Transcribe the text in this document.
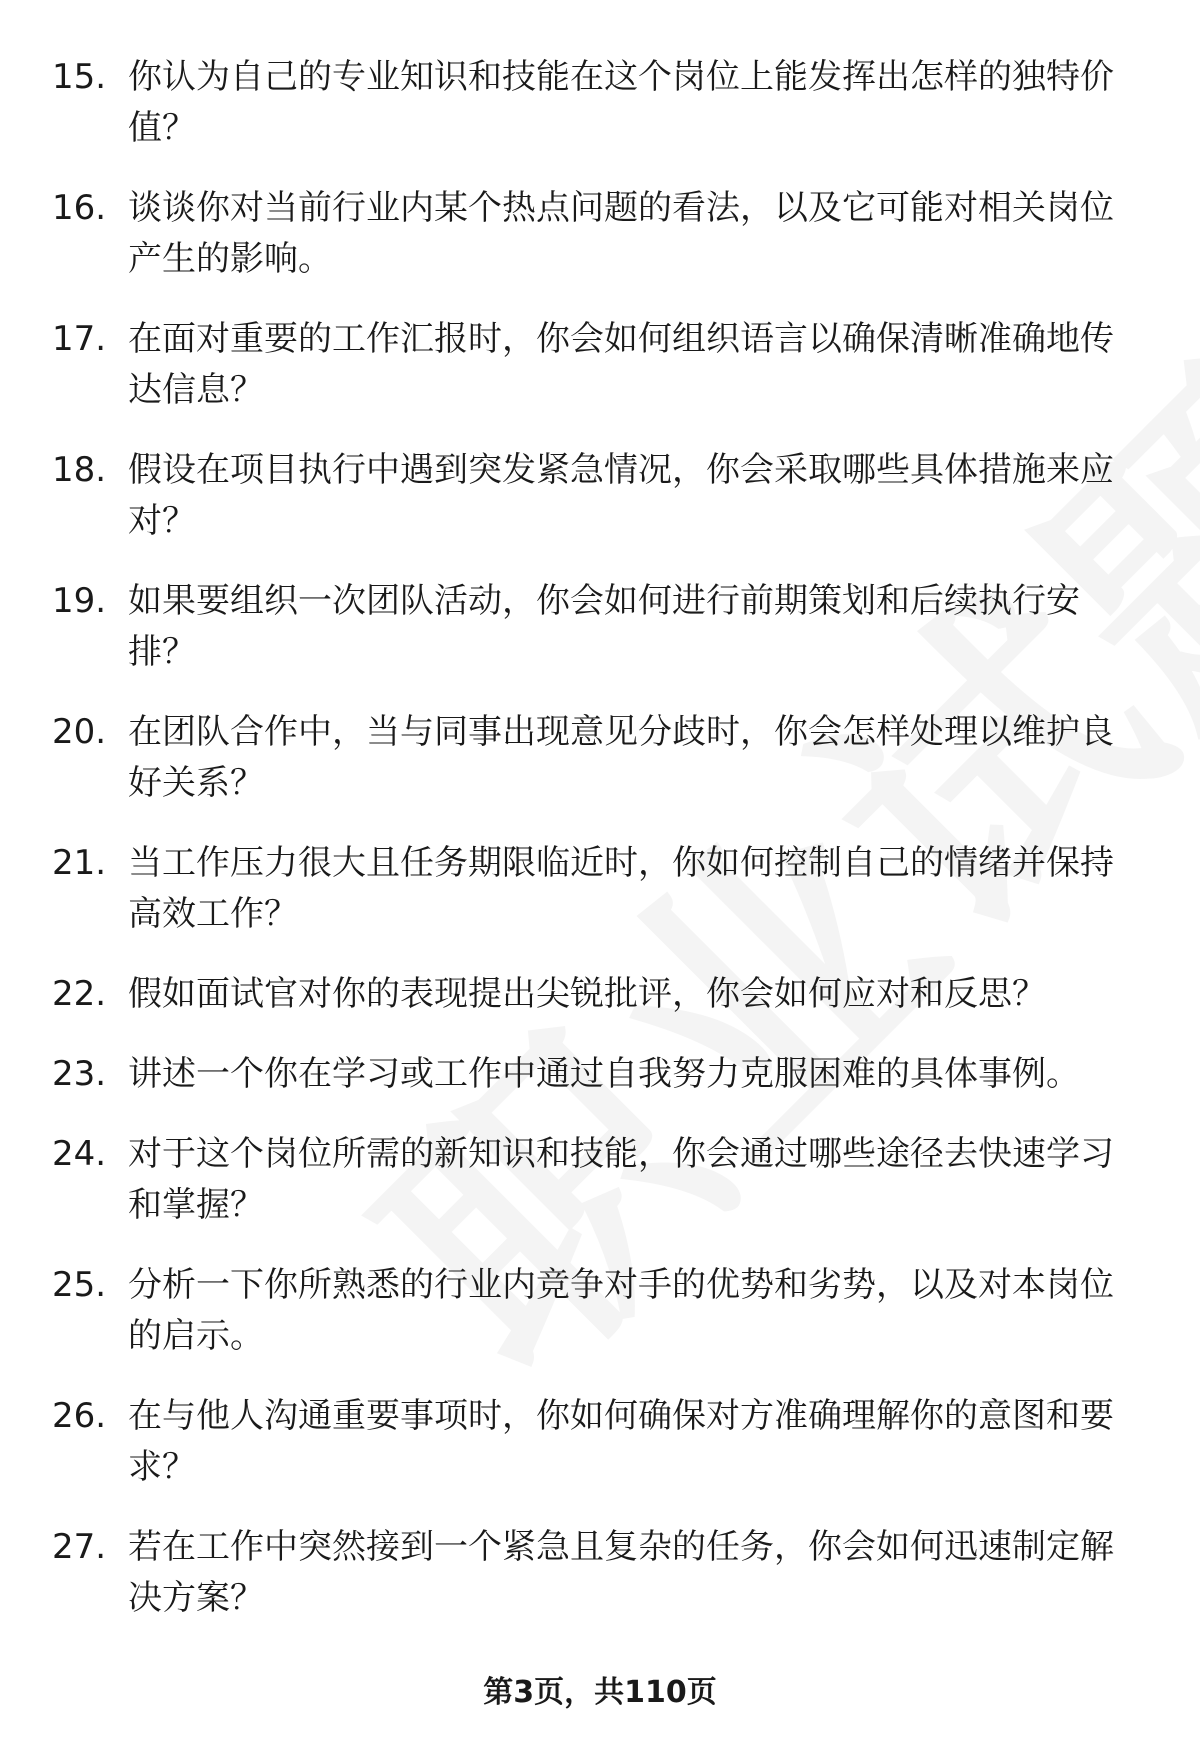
15. 你认为自己的专业知识和技能在这个岗位上能发挥出怎样的独特价值？
16. 谈谈你对当前行业内某个热点问题的看法，以及它可能对相关岗位产生的影响。
17. 在面对重要的工作汇报时，你会如何组织语言以确保清晰准确地传达信息？
18. 假设在项目执行中遇到突发紧急情况，你会采取哪些具体措施来应对？
19. 如果要组织一次团队活动，你会如何进行前期策划和后续执行安排？
20. 在团队合作中，当与同事出现意见分歧时，你会怎样处理以维护良好关系？
21. 当工作压力很大且任务期限临近时，你如何控制自己的情绪并保持高效工作？
22. 假如面试官对你的表现提出尖锐批评，你会如何应对和反思？
23. 讲述一个你在学习或工作中通过自我努力克服困难的具体事例。
24. 对于这个岗位所需的新知识和技能，你会通过哪些途径去快速学习和掌握？
25. 分析一下你所熟悉的行业内竞争对手的优势和劣势，以及对本岗位的启示。
26. 在与他人沟通重要事项时，你如何确保对方准确理解你的意图和要求？
27. 若在工作中突然接到一个紧急且复杂的任务，你会如何迅速制定解决方案？
第3页，共110页
